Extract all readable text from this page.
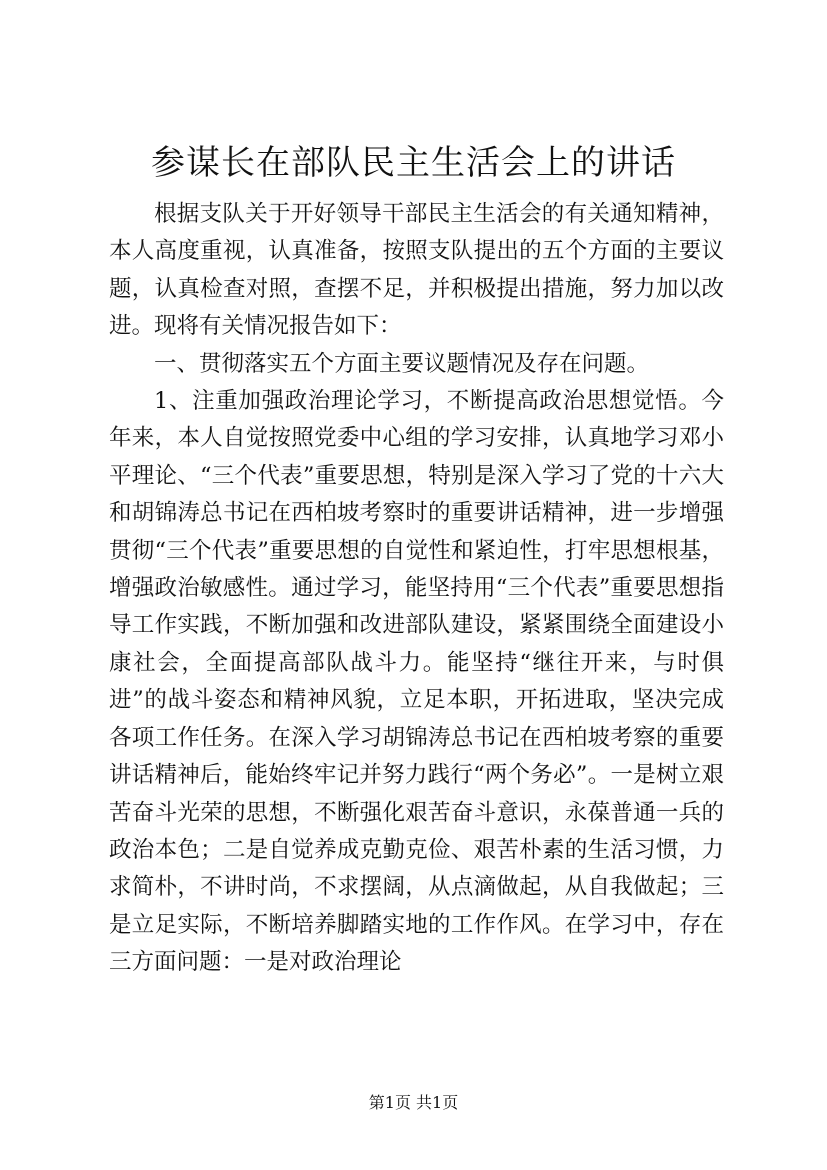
参谋长在部队民主生活会上的讲话

根据支队关于开好领导干部民主生活会的有关通知精神，本人高度重视，认真准备，按照支队提出的五个方面的主要议题，认真检查对照，查摆不足，并积极提出措施，努力加以改进。现将有关情况报告如下：

一、贯彻落实五个方面主要议题情况及存在问题。

1、注重加强政治理论学习，不断提高政治思想觉悟。今年来，本人自觉按照党委中心组的学习安排，认真地学习邓小平理论、“三个代表”重要思想，特别是深入学习了党的十六大和胡锦涛总书记在西柏坡考察时的重要讲话精神，进一步增强贯彻“三个代表”重要思想的自觉性和紧迫性，打牢思想根基，增强政治敏感性。通过学习，能坚持用“三个代表”重要思想指导工作实践，不断加强和改进部队建设，紧紧围绕全面建设小康社会，全面提高部队战斗力。能坚持“继往开来，与时俱进”的战斗姿态和精神风貌，立足本职，开拓进取，坚决完成各项工作任务。在深入学习胡锦涛总书记在西柏坡考察的重要讲话精神后，能始终牢记并努力践行“两个务必”。一是树立艰苦奋斗光荣的思想，不断强化艰苦奋斗意识，永葆普通一兵的政治本色；二是自觉养成克勤克俭、艰苦朴素的生活习惯，力求简朴，不讲时尚，不求摆阔，从点滴做起，从自我做起；三是立足实际，不断培养脚踏实地的工作作风。在学习中，存在三方面问题：一是对政治理论

第1页 共1页
